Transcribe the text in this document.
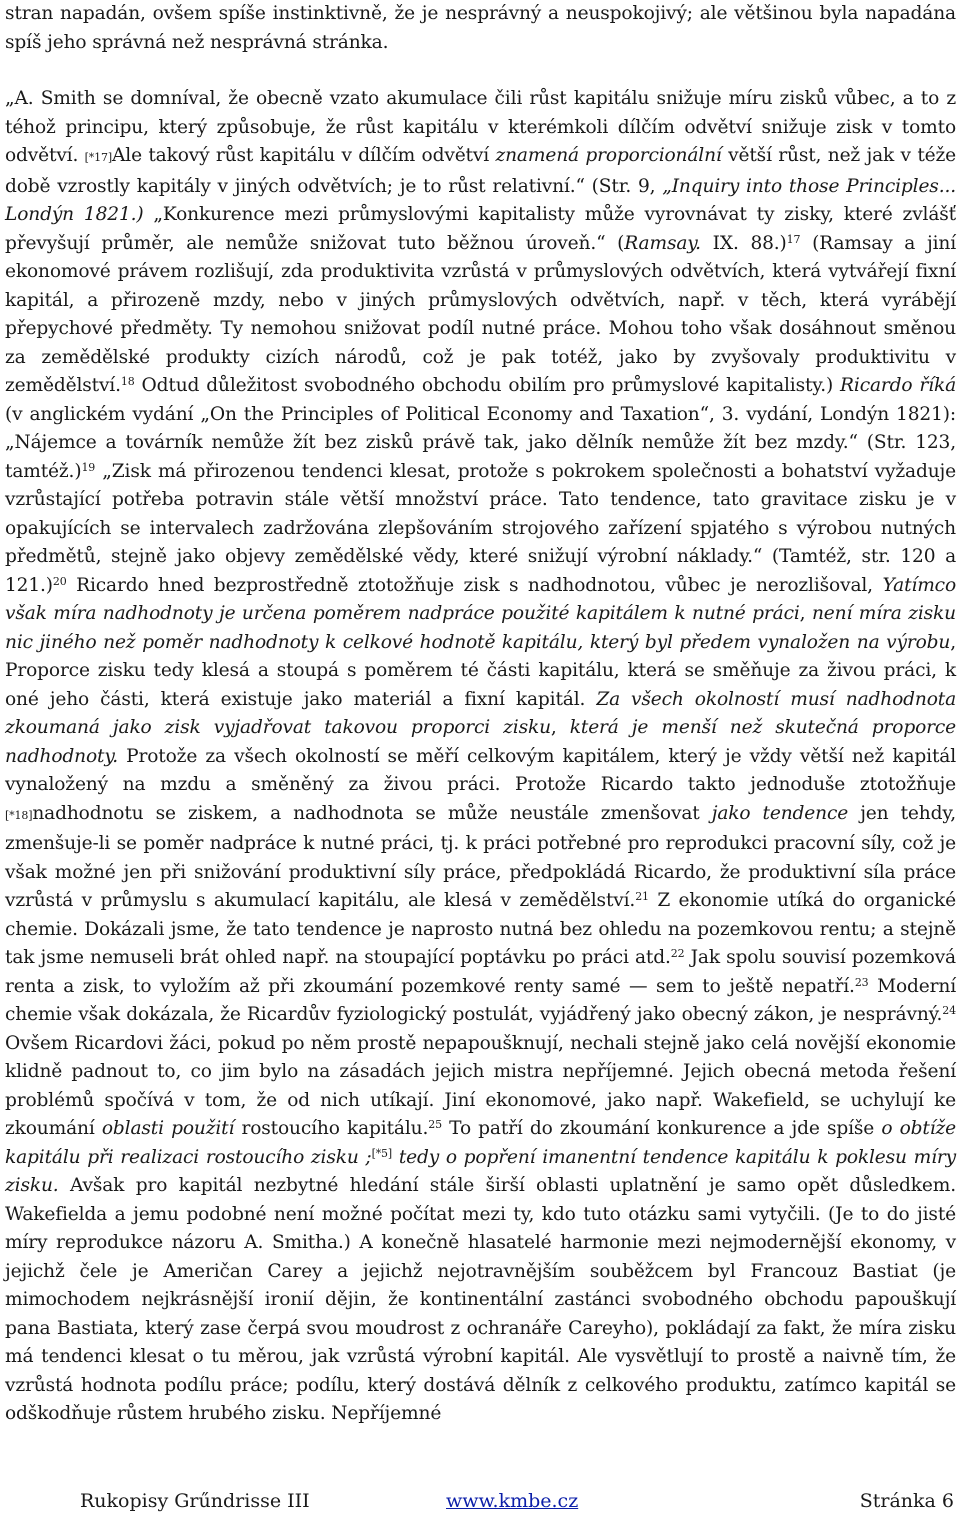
stran napadán, ovšem spíše instinktivně, že je nesprávný a neuspokojivý; ale většinou byla napadána spíš jeho správná než nesprávná stránka.

„A. Smith se domníval, že obecně vzato akumulace čili růst kapitálu snižuje míru zisků vůbec, a to z téhož principu, který způsobuje, že růst kapitálu v kterémkoli dílčím odvětví snižuje zisk v tomto odvětví. [*17]Ale takový růst kapitálu v dílčím odvětví znamená proporcionální větší růst, než jak v téže době vzrostly kapitály v jiných odvětvích; je to růst relativní.“ (Str. 9, „Inquiry into those Principles... Londýn 1821.) „Konkurence mezi průmyslovými kapitalisty může vyrovnávat ty zisky, které zvlášť převyšují průměr, ale nemůže snižovat tuto běžnou úroveň.“ (Ramsay. IX. 88.)$^{17}$ (Ramsay a jiní ekonomové právem rozlišují, zda produktivita vzrůstá v průmyslových odvětvích, která vytvářejí fixní kapitál, a přirozeně mzdy, nebo v jiných průmyslových odvětvích, např. v těch, která vyrábějí přepychové předměty. Ty nemohou snižovat podíl nutné práce. Mohou toho však dosáhnout směnou za zemědělské produkty cizích národů, což je pak totéž, jako by zvyšovaly produktivitu v zemědělství.$^{18}$ Odtud důležitost svobodného obchodu obilím pro průmyslové kapitalisty.) Ricardo říká (v anglickém vydání „On the Principles of Political Economy and Taxation“, 3. vydání, Londýn 1821): „Nájemce a továrník nemůže žít bez zisků právě tak, jako dělník nemůže žít bez mzdy.“ (Str. 123, tamtéž.)$^{19}$ „Zisk má přirozenou tendenci klesat, protože s pokrokem společnosti a bohatství vyžaduje vzrůstající potřeba potravin stále větší množství práce. Tato tendence, tato gravitace zisku je v opakujících se intervalech zadržována zlepšováním strojového zařízení spjatého s výrobou nutných předmětů, stejně jako objevy zemědělské vědy, které snižují výrobní náklady.“ (Tamtéž, str. 120 a 121.)$^{20}$ Ricardo hned bezprostředně ztotožňuje zisk s nadhodnotou, vůbec je nerozlišoval, Yatímco však míra nadhodnoty je určena poměrem nadpráce použité kapitálem k nutné práci, není míra zisku nic jiného než poměr nadhodnoty k celkové hodnotě kapitálu, který byl předem vynaložen na výrobu, Proporce zisku tedy klesá a stoupá s poměrem té části kapitálu, která se směňuje za živou práci, k oné jeho části, která existuje jako materiál a fixní kapitál. Za všech okolností musí nadhodnota zkoumaná jako zisk vyjadřovat takovou proporci zisku, která je menší než skutečná proporce nadhodnoty. Protože za všech okolností se měří celkovým kapitálem, který je vždy větší než kapitál vynaložený na mzdu a směněný za živou práci. Protože Ricardo takto jednoduše ztotožňuje [*18]nadhodnotu se ziskem, a nadhodnota se může neustále zmenšovat jako tendence jen tehdy, zmenšuje-li se poměr nadpráce k nutné práci, tj. k práci potřebné pro reprodukci pracovní síly, což je však možné jen při snižování produktivní síly práce, předpokládá Ricardo, že produktivní síla práce vzrůstá v průmyslu s akumulací kapitálu, ale klesá v zemědělství.$^{21}$ Z ekonomie utíká do organické chemie. Dokázali jsme, že tato tendence je naprosto nutná bez ohledu na pozemkovou rentu; a stejně tak jsme nemuseli brát ohled např. na stoupající poptávku po práci atd.$^{22}$ Jak spolu souvisí pozemková renta a zisk, to vyložím až při zkoumání pozemkové renty samé — sem to ještě nepatří.$^{23}$ Moderní chemie však dokázala, že Ricardův fyziologický postulát, vyjádřený jako obecný zákon, je nesprávný.$^{24}$ Ovšem Ricardovi žáci, pokud po něm prostě nepapoušknují, nechali stejně jako celá novější ekonomie klidně padnout to, co jim bylo na zásadách jejich mistra nepříjemné. Jejich obecná metoda řešení problémů spočívá v tom, že od nich utíkají. Jiní ekonomové, jako např. Wakefield, se uchylují ke zkoumání oblasti použití rostoucího kapitálu.$^{25}$ To patří do zkoumání konkurence a jde spíše o obtíže kapitálu při realizaci rostoucího zisku ;[*5] tedy o popření imanentní tendence kapitálu k poklesu míry zisku. Avšak pro kapitál nezbytné hledání stále širší oblasti uplatnění je samo opět důsledkem. Wakefielda a jemu podobné není možné počítat mezi ty, kdo tuto otázku sami vytyčili. (Je to do jisté míry reprodukce názoru A. Smitha.) A konečně hlasatelé harmonie mezi nejmodernější ekonomy, v jejichž čele je Američan Carey a jejichž nejotravnějším souběžcem byl Francouz Bastiat (je mimochodem nejkrásnější ironií dějin, že kontinentální zastánci svobodného obchodu papouškují pana Bastiata, který zase čerpá svou moudrost z ochranáře Careyho), pokládají za fakt, že míra zisku má tendenci klesat o tu měrou, jak vzrůstá výrobní kapitál. Ale vysvětlují to prostě a naivně tím, že vzrůstá hodnota podílu práce; podílu, který dostává dělník z celkového produktu, zatímco kapitál se odškodňuje růstem hrubého zisku. Nepříjemné

Rukopisy Grűndrisse III	www.kmbe.cz	Stránka 6
